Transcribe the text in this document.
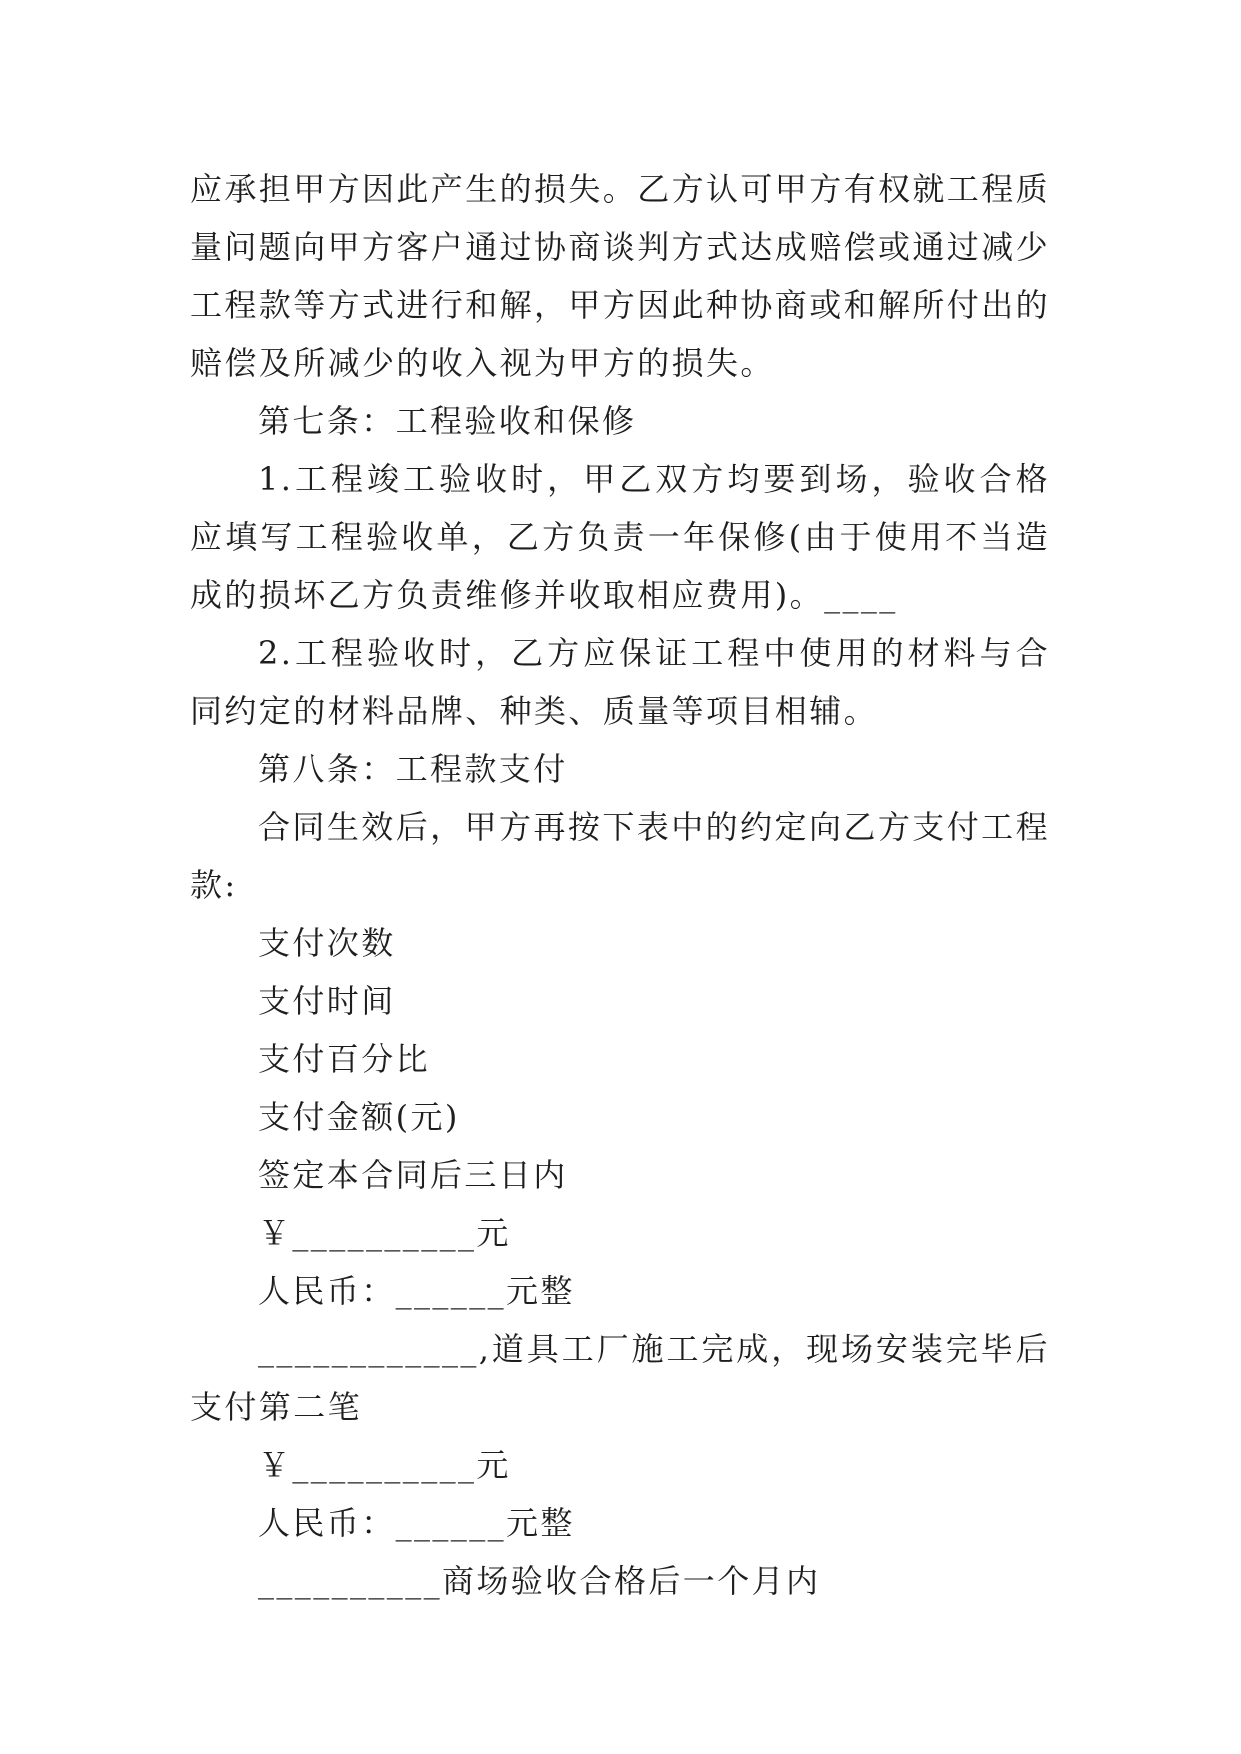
应承担甲方因此产生的损失。乙方认可甲方有权就工程质量问题向甲方客户通过协商谈判方式达成赔偿或通过减少工程款等方式进行和解，甲方因此种协商或和解所付出的赔偿及所减少的收入视为甲方的损失。

第七条：工程验收和保修

1.工程竣工验收时，甲乙双方均要到场，验收合格应填写工程验收单，乙方负责一年保修(由于使用不当造成的损坏乙方负责维修并收取相应费用)。____

2.工程验收时，乙方应保证工程中使用的材料与合同约定的材料品牌、种类、质量等项目相辅。

第八条：工程款支付

合同生效后，甲方再按下表中的约定向乙方支付工程款:

支付次数

支付时间

支付百分比

支付金额(元)

签定本合同后三日内

￥__________元

人民币：______元整

____________,道具工厂施工完成，现场安装完毕后支付第二笔

￥__________元

人民币：______元整

__________商场验收合格后一个月内
